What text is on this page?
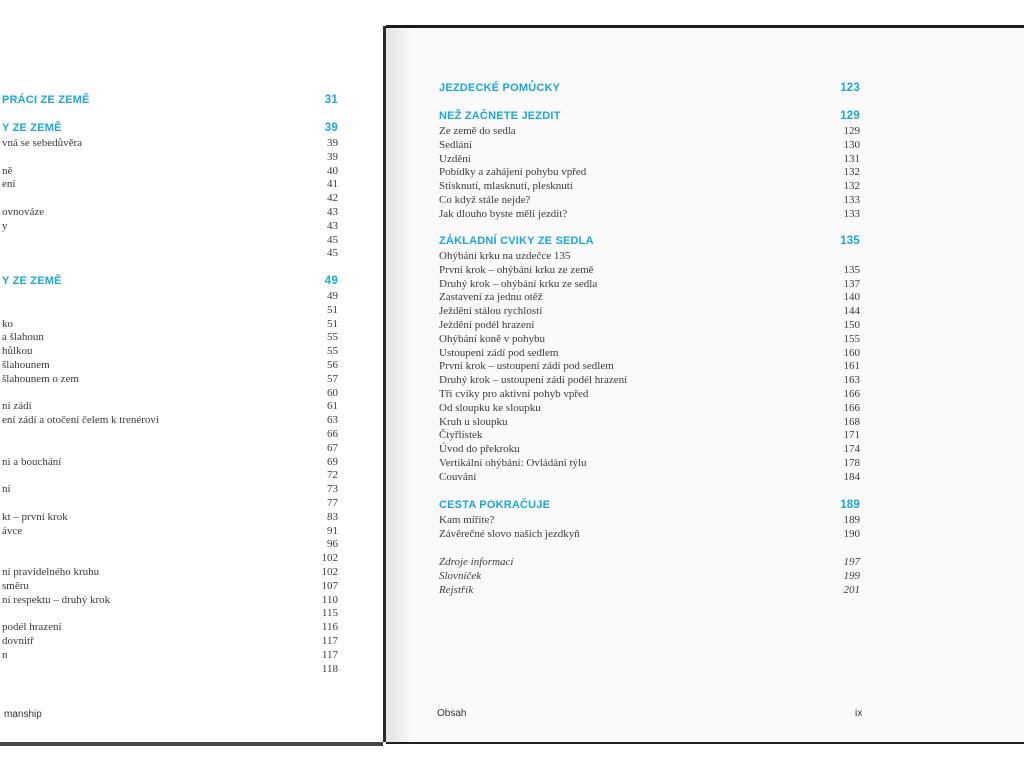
PRÁCI ZE ZEMĚ	31
Y ZE ZEMĚ	39
vná se sebedůvěra	39
39
ně	40
ení	41
42
ovnováze	43
y	43
45
45
Y ZE ZEMĚ	49
49
51
ko	51
a šlahoun	55
hůlkou	55
šlahounem	56
šlahounem o zem	57
60
ní zádí	61
ení zádí a otočení čelem k trenérovi	63
66
67
ní a bouchání	69
72
ní	73
77
kt – první krok	83
ávce	91
96
102
ní pravidelného kruhu	102
směru	107
ní respektu – druhý krok	110
115
podél hrazení	116
dovnitř	117
n	117
118
manship
JEZDECKÉ POMŮCKY	123
NEŽ ZAČNETE JEZDIT	129
Ze země do sedla	129
Sedlání	130
Uzdění	131
Pobídky a zahájení pohybu vpřed	132
Stisknutí, mlasknutí, plesknutí	132
Co když stále nejde?	133
Jak dlouho byste měli jezdit?	133
ZÁKLADNÍ CVIKY ZE SEDLA	135
Ohýbání krku na uzdečce 135
První krok – ohýbání krku ze země	135
Druhý krok – ohýbání krku ze sedla	137
Zastavení za jednu otěž	140
Ježdění stálou rychlostí	144
Ježdění podél hrazení	150
Ohýbání koně v pohybu	155
Ustoupení zádí pod sedlem	160
První krok – ustoupení zádí pod sedlem	161
Druhý krok – ustoupení zádí podél hrazení	163
Tři cviky pro aktivní pohyb vpřed	166
Od sloupku ke sloupku	166
Kruh u sloupku	168
Čtyřlístek	171
Úvod do překroku	174
Vertikální ohýbání: Ovládání týlu	178
Couvání	184
CESTA POKRAČUJE	189
Kam míříte?	189
Závěrečné slovo našich jezdkyň	190
Zdroje informací	197
Slovníček	199
Rejstřík	201
Obsah	ix
